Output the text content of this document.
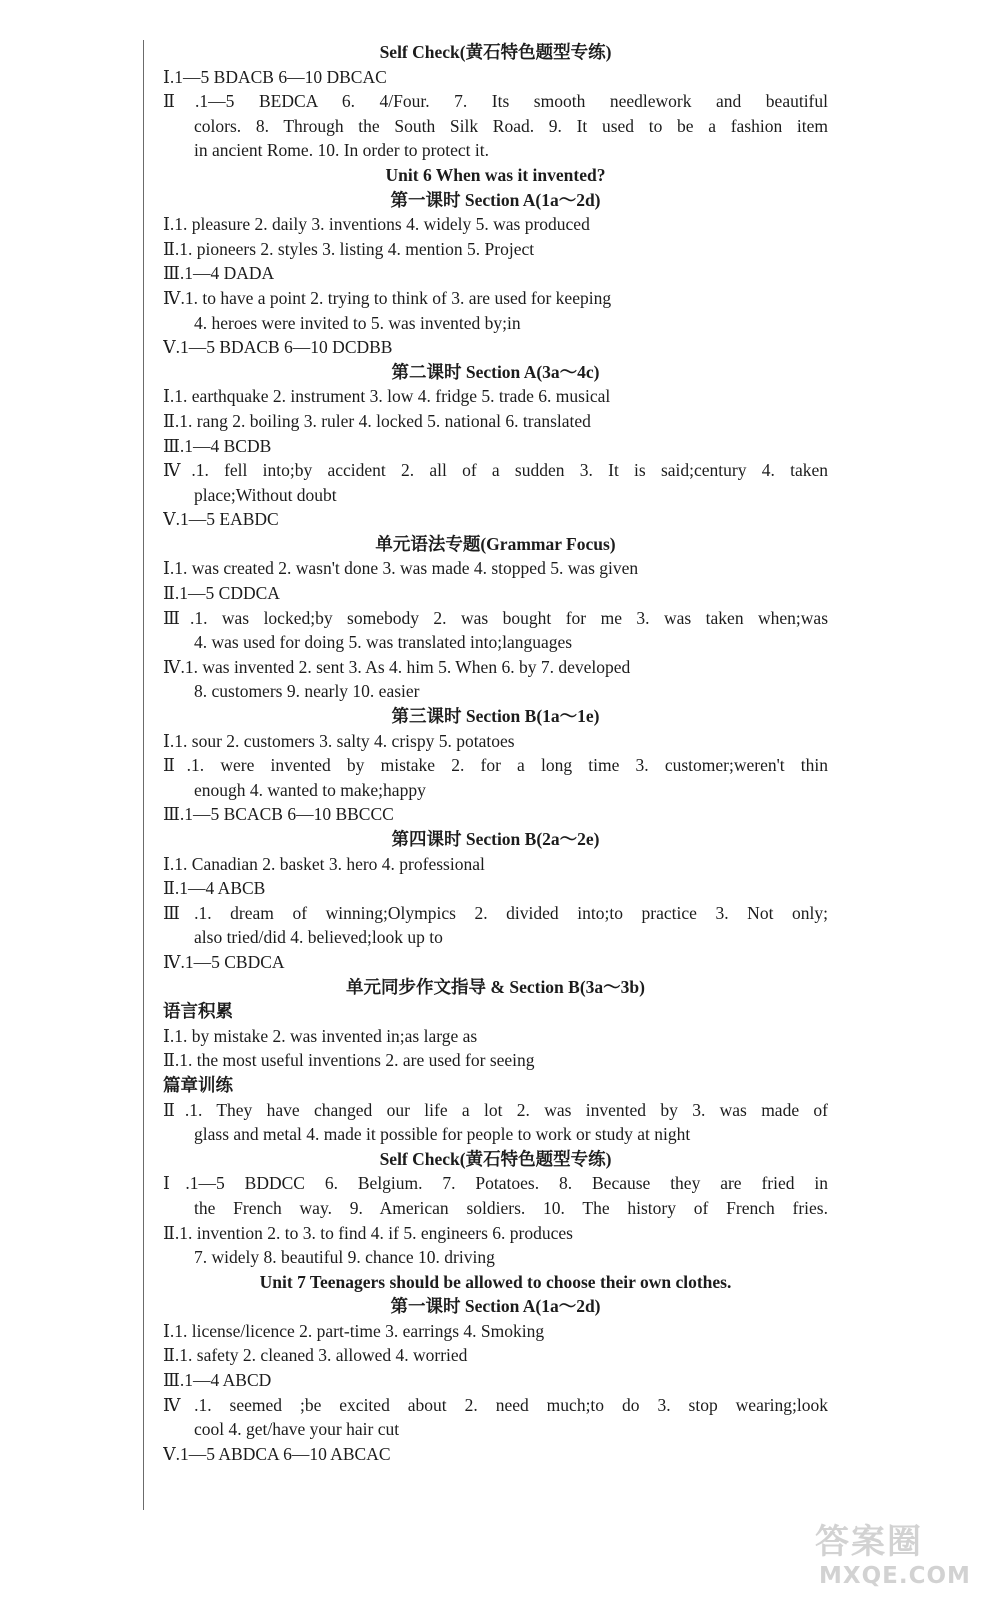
Self Check(黄石特色题型专练)
Ⅰ.1—5 BDACB 6—10 DBCAC
Ⅱ.1—5 BEDCA 6. 4/Four. 7. Its smooth needlework and beautiful
colors. 8. Through the South Silk Road. 9. It used to be a fashion item
in ancient Rome. 10. In order to protect it.
Unit 6 When was it invented?
第一课时 Section A(1a～2d)
Ⅰ.1. pleasure 2. daily 3. inventions 4. widely 5. was produced
Ⅱ.1. pioneers 2. styles 3. listing 4. mention 5. Project
Ⅲ.1—4 DADA
Ⅳ.1. to have a point 2. trying to think of 3. are used for keeping
4. heroes were invited to 5. was invented by;in
Ⅴ.1—5 BDACB 6—10 DCDBB
第二课时 Section A(3a～4c)
Ⅰ.1. earthquake 2. instrument 3. low 4. fridge 5. trade 6. musical
Ⅱ.1. rang 2. boiling 3. ruler 4. locked 5. national 6. translated
Ⅲ.1—4 BCDB
Ⅳ.1. fell into;by accident 2. all of a sudden 3. It is said;century 4. taken
place;Without doubt
Ⅴ.1—5 EABDC
单元语法专题(Grammar Focus)
Ⅰ.1. was created 2. wasn't done 3. was made 4. stopped 5. was given
Ⅱ.1—5 CDDCA
Ⅲ.1. was locked;by somebody 2. was bought for me 3. was taken when;was
4. was used for doing 5. was translated into;languages
Ⅳ.1. was invented 2. sent 3. As 4. him 5. When 6. by 7. developed
8. customers 9. nearly 10. easier
第三课时 Section B(1a～1e)
Ⅰ.1. sour 2. customers 3. salty 4. crispy 5. potatoes
Ⅱ.1. were invented by mistake 2. for a long time 3. customer;weren't thin
enough 4. wanted to make;happy
Ⅲ.1—5 BCACB 6—10 BBCCC
第四课时 Section B(2a～2e)
Ⅰ.1. Canadian 2. basket 3. hero 4. professional
Ⅱ.1—4 ABCB
Ⅲ.1. dream of winning;Olympics 2. divided into;to practice 3. Not only;
also tried/did 4. believed;look up to
Ⅳ.1—5 CBDCA
单元同步作文指导 & Section B(3a～3b)
语言积累
Ⅰ.1. by mistake 2. was invented in;as large as
Ⅱ.1. the most useful inventions 2. are used for seeing
篇章训练
Ⅱ.1. They have changed our life a lot 2. was invented by 3. was made of
glass and metal 4. made it possible for people to work or study at night
Self Check(黄石特色题型专练)
Ⅰ.1—5 BDDCC 6. Belgium. 7. Potatoes. 8. Because they are fried in
the French way. 9. American soldiers. 10. The history of French fries.
Ⅱ.1. invention 2. to 3. to find 4. if 5. engineers 6. produces
7. widely 8. beautiful 9. chance 10. driving
Unit 7 Teenagers should be allowed to choose their own clothes.
第一课时 Section A(1a～2d)
Ⅰ.1. license/licence 2. part-time 3. earrings 4. Smoking
Ⅱ.1. safety 2. cleaned 3. allowed 4. worried
Ⅲ.1—4 ABCD
Ⅳ.1. seemed ;be excited about 2. need much;to do 3. stop wearing;look
cool 4. get/have your hair cut
Ⅴ.1—5 ABDCA 6—10 ABCAC
答案圈
MXQE.COM
